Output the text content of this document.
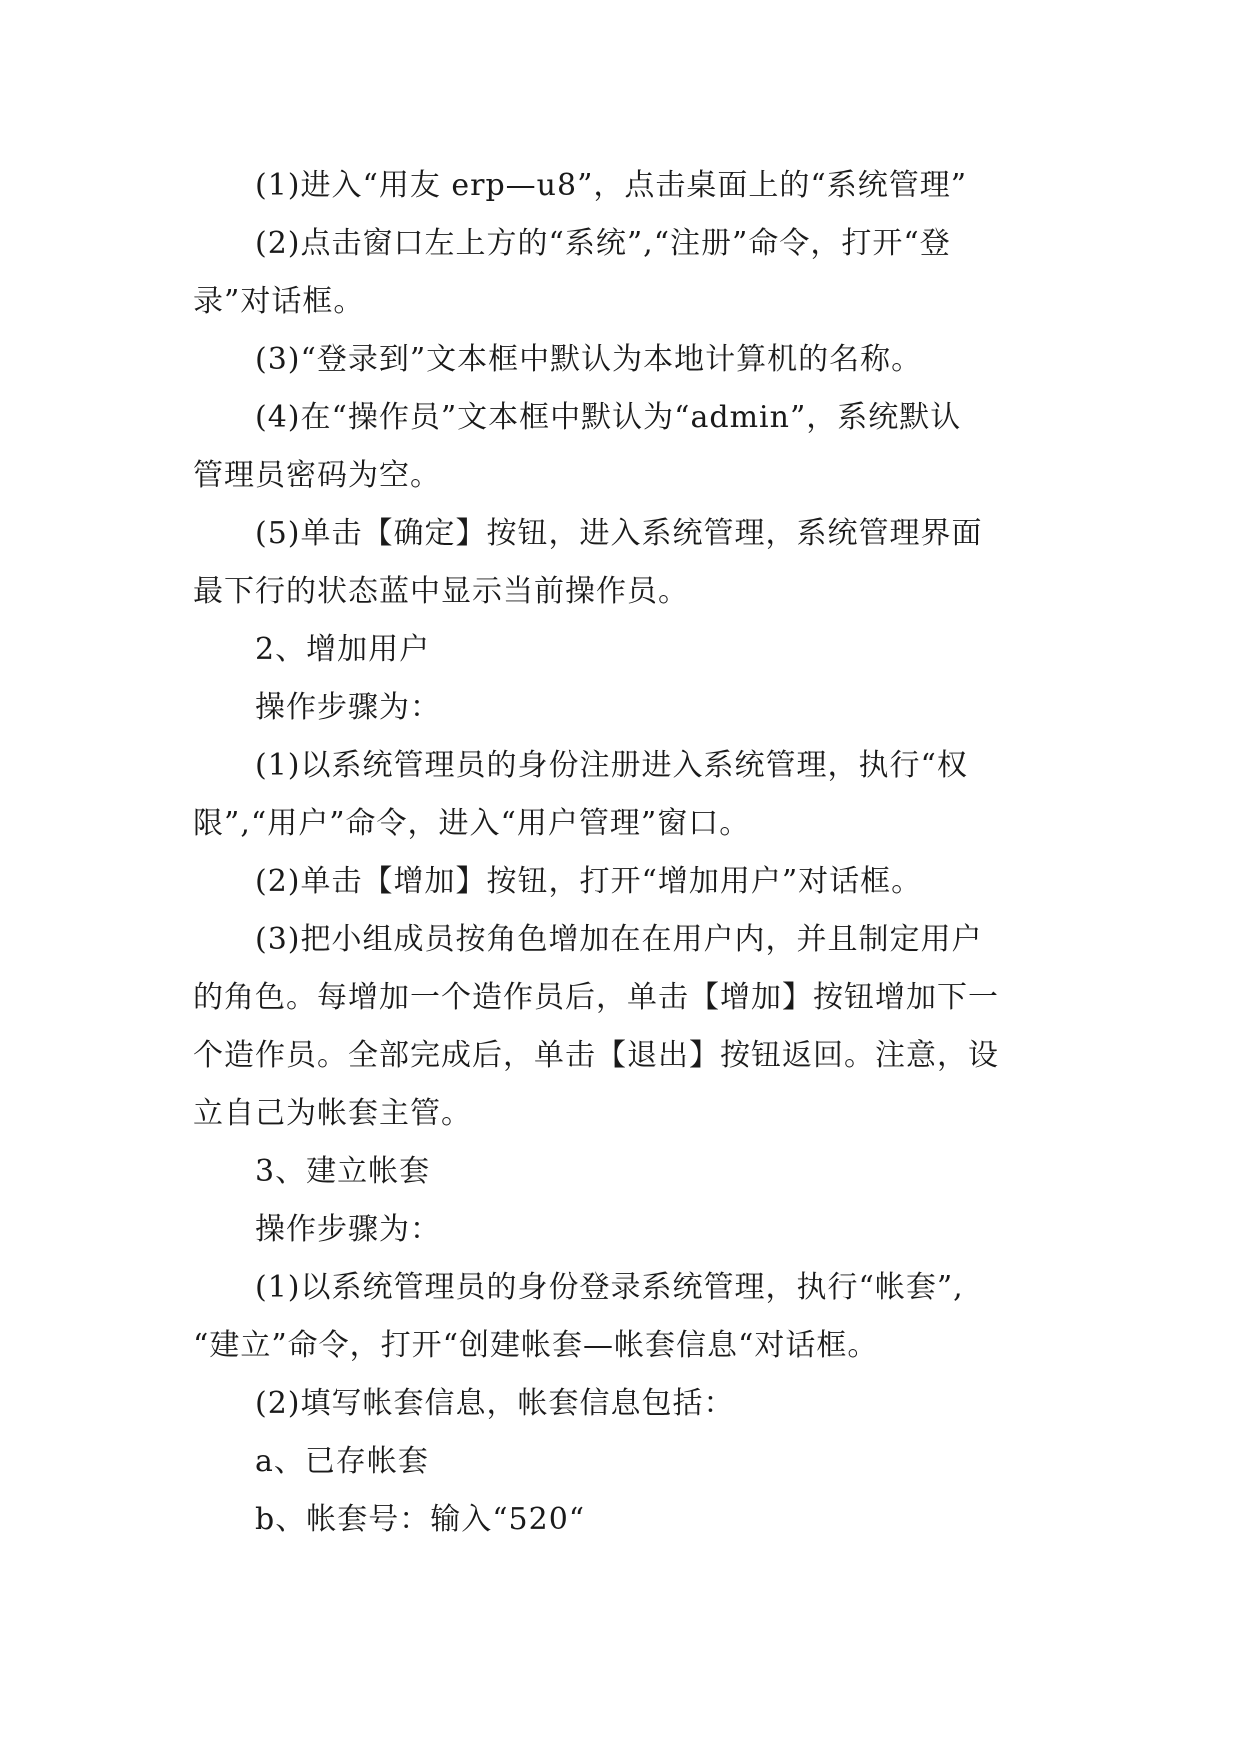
(1)进入“用友 erp—u8”，点击桌面上的“系统管理”

(2)点击窗口左上方的“系统”,“注册”命令，打开“登

录”对话框。

(3)“登录到”文本框中默认为本地计算机的名称。

(4)在“操作员”文本框中默认为“admin”，系统默认

管理员密码为空。

(5)单击【确定】按钮，进入系统管理，系统管理界面

最下行的状态蓝中显示当前操作员。

2、增加用户

操作步骤为：

(1)以系统管理员的身份注册进入系统管理，执行“权

限”,“用户”命令，进入“用户管理”窗口。

(2)单击【增加】按钮，打开“增加用户”对话框。

(3)把小组成员按角色增加在在用户内，并且制定用户

的角色。每增加一个造作员后，单击【增加】按钮增加下一

个造作员。全部完成后，单击【退出】按钮返回。注意，设

立自己为帐套主管。

3、建立帐套

操作步骤为：

(1)以系统管理员的身份登录系统管理，执行“帐套”,

“建立”命令，打开“创建帐套—帐套信息“对话框。

(2)填写帐套信息，帐套信息包括：

a、已存帐套

b、帐套号：输入“520“
